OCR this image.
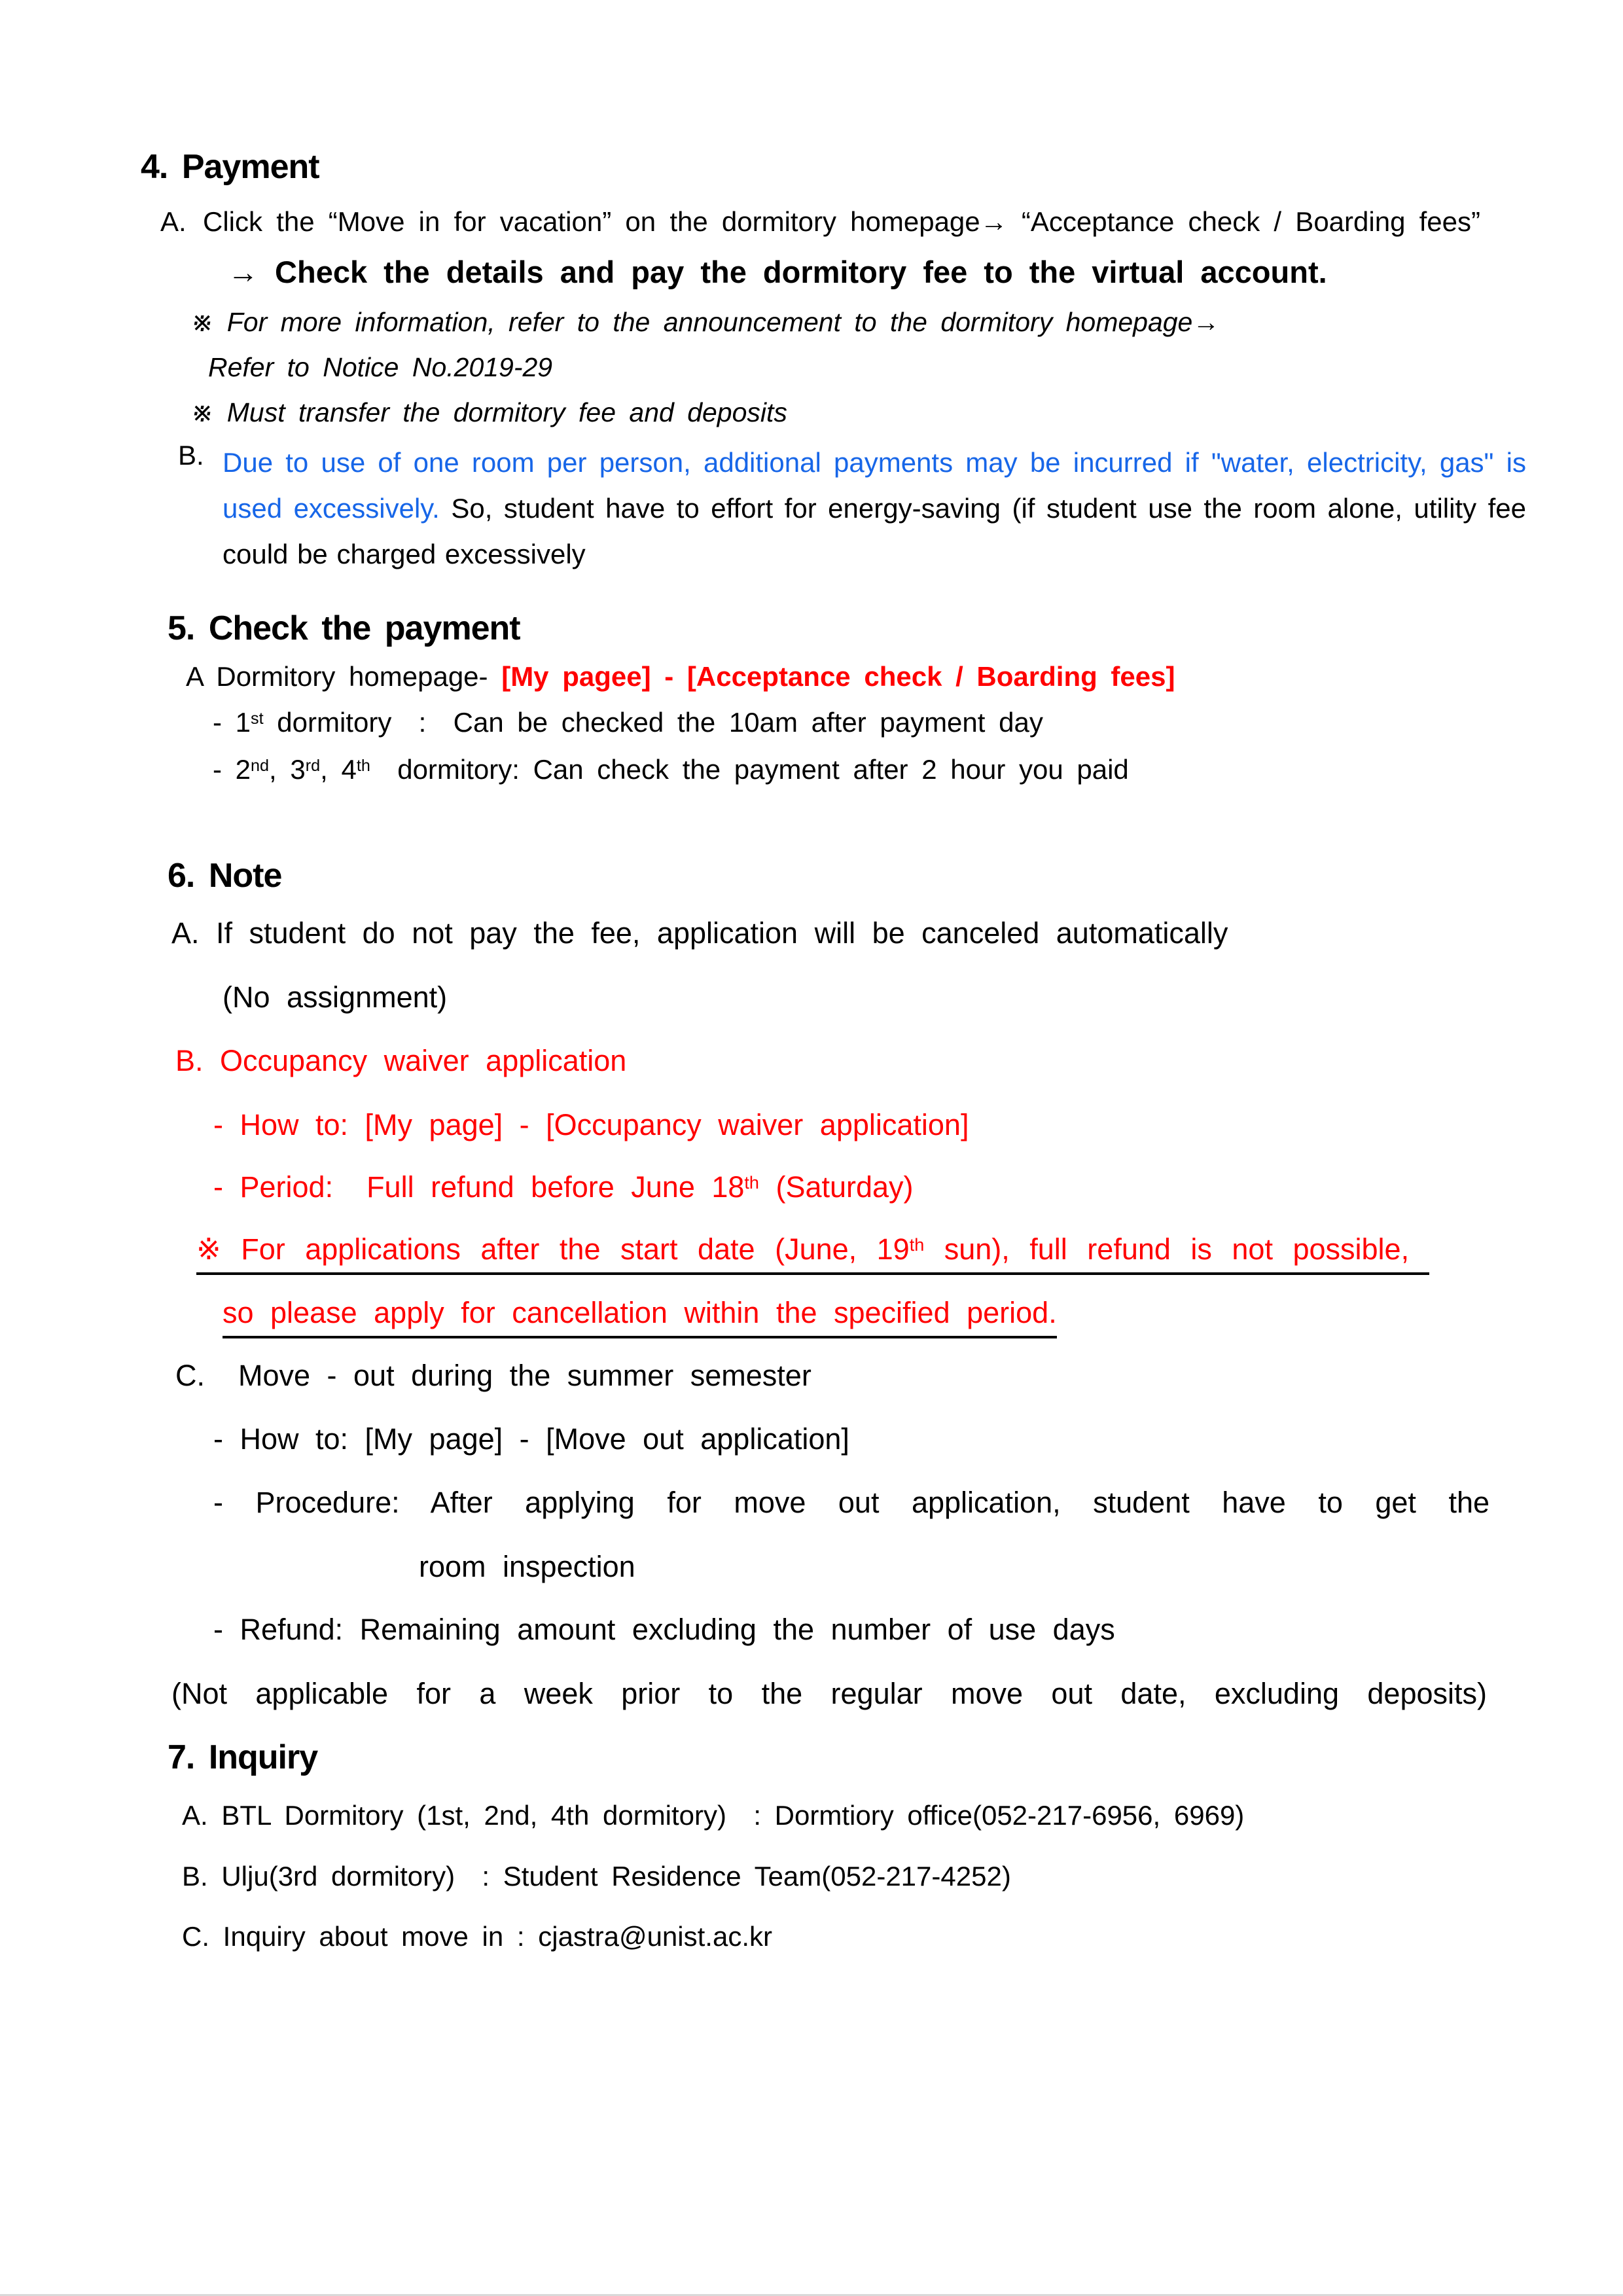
4. Payment
A. Click the “Move in for vacation” on the dormitory homepage→ “Acceptance check / Boarding fees”
→ Check the details and pay the dormitory fee to the virtual account.
※ For more information, refer to the announcement to the dormitory homepage→
Refer to Notice No.2019-29
※ Must transfer the dormitory fee and deposits
B. Due to use of one room per person, additional payments may be incurred if "water, electricity, gas" is used excessively. So, student have to effort for energy-saving (if student use the room alone, utility fee could be charged excessively
5. Check the payment
A Dormitory homepage- [My pagee] - [Acceptance check / Boarding fees]
- 1st dormitory  :  Can be checked the 10am after payment day
- 2nd, 3rd, 4th  dormitory: Can check the payment after 2 hour you paid
6. Note
A. If student do not pay the fee, application will be canceled automatically
(No assignment)
B. Occupancy waiver application
- How to: [My page] - [Occupancy waiver application]
- Period:  Full refund before June 18th (Saturday)
※ For applications after the start date (June, 19th sun), full refund is not possible,
so please apply for cancellation within the specified period.
C.  Move - out during the summer semester
- How to: [My page] - [Move out application]
- Procedure: After applying for move out application, student have to get the
room inspection
- Refund: Remaining amount excluding the number of use days
(Not applicable for a week prior to the regular move out date, excluding deposits)
7. Inquiry
A. BTL Dormitory (1st, 2nd, 4th dormitory)  : Dormtiory office(052-217-6956, 6969)
B. Ulju(3rd dormitory)  : Student Residence Team(052-217-4252)
C. Inquiry about move in : cjastra@unist.ac.kr
